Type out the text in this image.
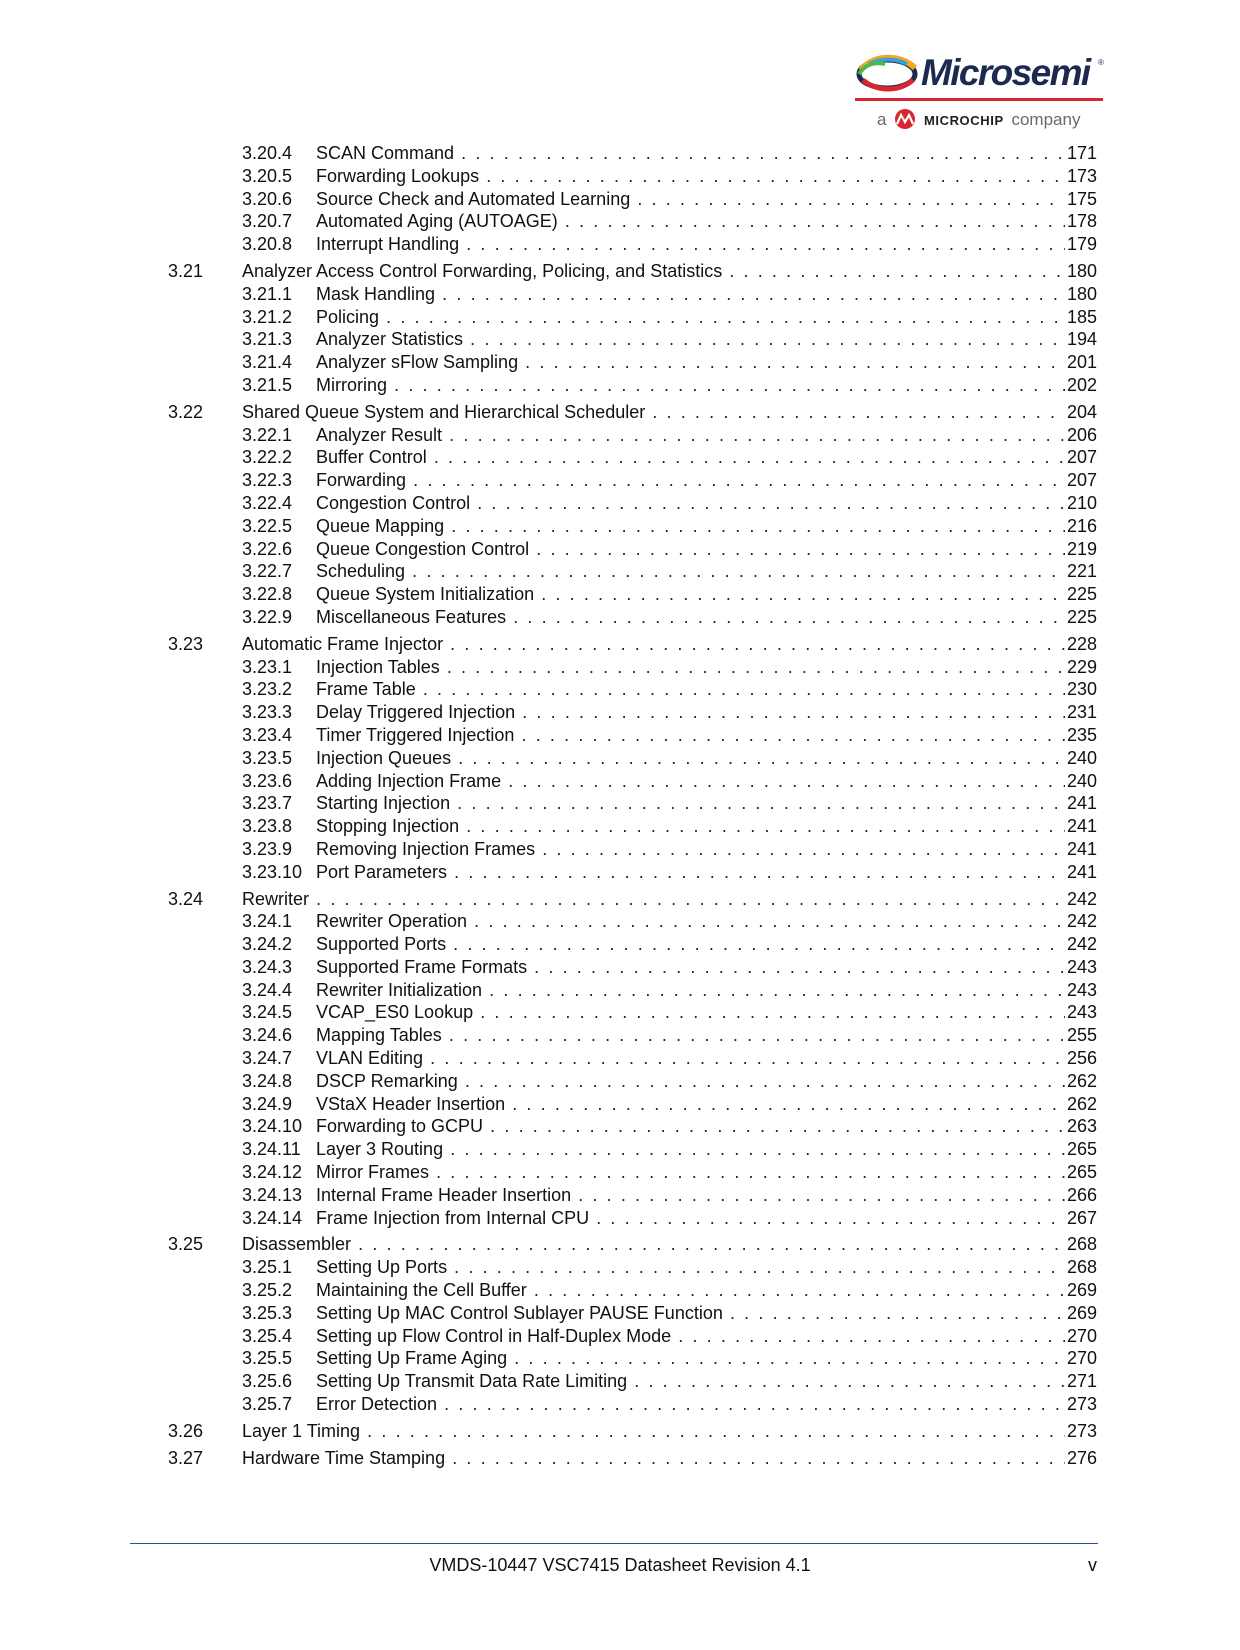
Microsemi ®
a	MICROCHIP company
3.20.4 SCAN Command . . .	171
3.20.5 Forwarding Lookups . . .	173
3.20.6 Source Check and Automated Learning . . .	175
3.20.7 Automated Aging (AUTOAGE) . . .	178
3.20.8 Interrupt Handling . . .	179
3.21 Analyzer Access Control Forwarding, Policing, and Statistics . . .	180
3.21.1 Mask Handling . . .	180
3.21.2 Policing . . .	185
3.21.3 Analyzer Statistics . . .	194
3.21.4 Analyzer sFlow Sampling . . .	201
3.21.5 Mirroring . . .	202
3.22 Shared Queue System and Hierarchical Scheduler . . .	204
3.22.1 Analyzer Result . . .	206
3.22.2 Buffer Control . . .	207
3.22.3 Forwarding . . .	207
3.22.4 Congestion Control . . .	210
3.22.5 Queue Mapping . . .	216
3.22.6 Queue Congestion Control . . .	219
3.22.7 Scheduling . . .	221
3.22.8 Queue System Initialization . . .	225
3.22.9 Miscellaneous Features . . .	225
3.23 Automatic Frame Injector . . .	228
3.23.1 Injection Tables . . .	229
3.23.2 Frame Table . . .	230
3.23.3 Delay Triggered Injection . . .	231
3.23.4 Timer Triggered Injection . . .	235
3.23.5 Injection Queues . . .	240
3.23.6 Adding Injection Frame . . .	240
3.23.7 Starting Injection . . .	241
3.23.8 Stopping Injection . . .	241
3.23.9 Removing Injection Frames . . .	241
3.23.10 Port Parameters . . .	241
3.24 Rewriter . . .	242
3.24.1 Rewriter Operation . . .	242
3.24.2 Supported Ports . . .	242
3.24.3 Supported Frame Formats . . .	243
3.24.4 Rewriter Initialization . . .	243
3.24.5 VCAP_ES0 Lookup . . .	243
3.24.6 Mapping Tables . . .	255
3.24.7 VLAN Editing . . .	256
3.24.8 DSCP Remarking . . .	262
3.24.9 VStaX Header Insertion . . .	262
3.24.10 Forwarding to GCPU . . .	263
3.24.11 Layer 3 Routing . . .	265
3.24.12 Mirror Frames . . .	265
3.24.13 Internal Frame Header Insertion . . .	266
3.24.14 Frame Injection from Internal CPU . . .	267
3.25 Disassembler . . .	268
3.25.1 Setting Up Ports . . .	268
3.25.2 Maintaining the Cell Buffer . . .	269
3.25.3 Setting Up MAC Control Sublayer PAUSE Function . . .	269
3.25.4 Setting up Flow Control in Half-Duplex Mode . . .	270
3.25.5 Setting Up Frame Aging . . .	270
3.25.6 Setting Up Transmit Data Rate Limiting . . .	271
3.25.7 Error Detection . . .	273
3.26 Layer 1 Timing . . .	273
3.27 Hardware Time Stamping . . .	276
VMDS-10447 VSC7415 Datasheet Revision 4.1	v
